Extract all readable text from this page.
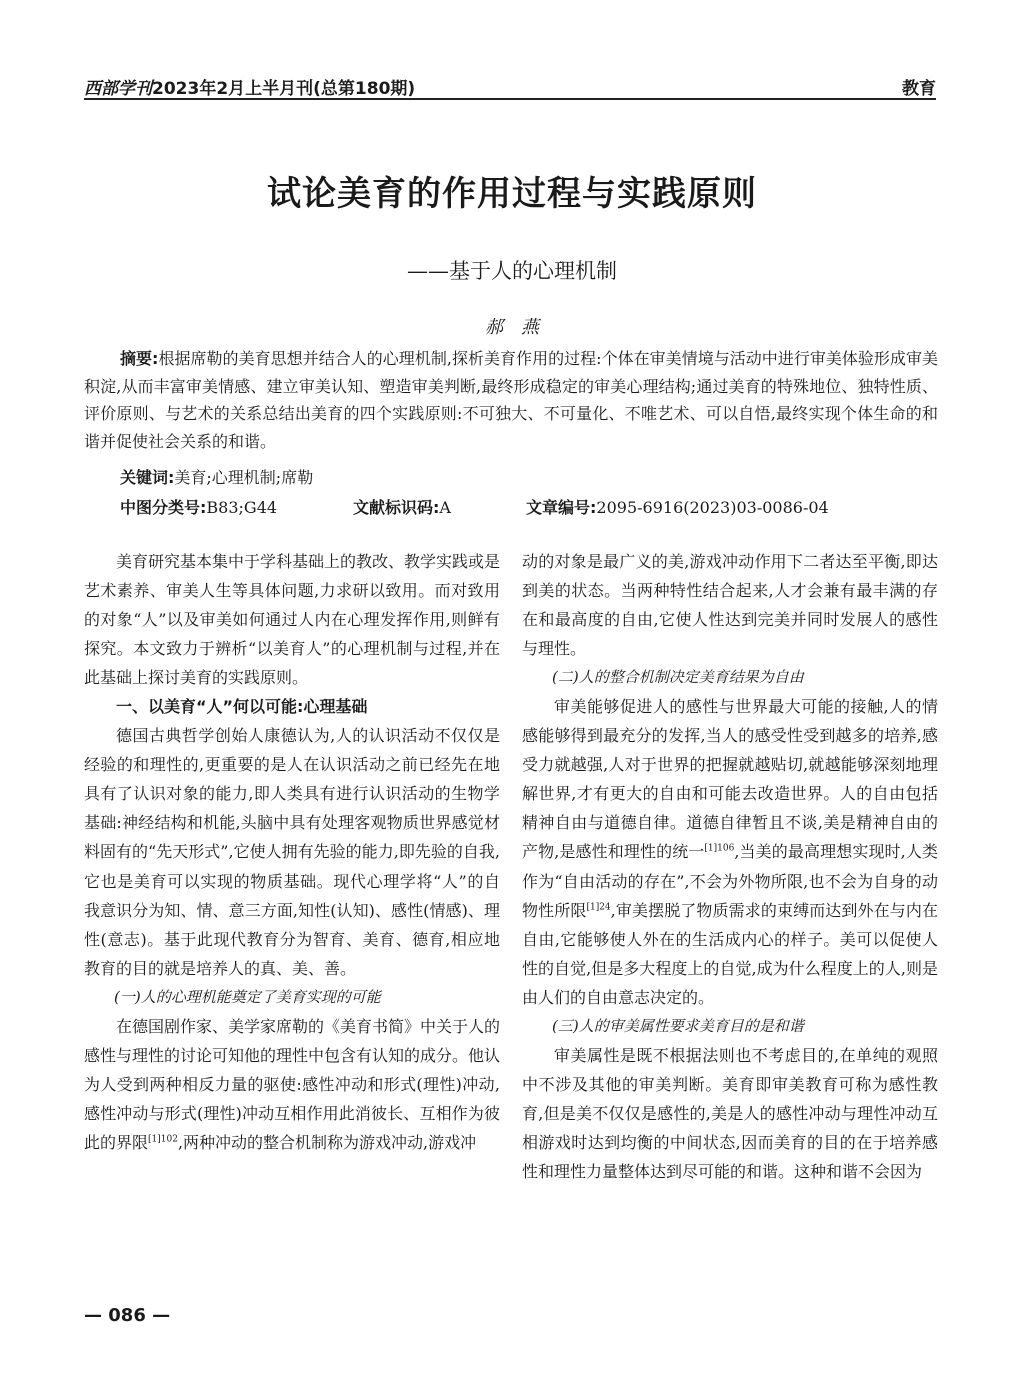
西部学刊2023年2月上半月刊(总第180期)	教育
试论美育的作用过程与实践原则
——基于人的心理机制
郝燕
摘要:根据席勒的美育思想并结合人的心理机制,探析美育作用的过程:个体在审美情境与活动中进行审美体验形成审美积淀,从而丰富审美情感、建立审美认知、塑造审美判断,最终形成稳定的审美心理结构;通过美育的特殊地位、独特性质、评价原则、与艺术的关系总结出美育的四个实践原则:不可独大、不可量化、不唯艺术、可以自悟,最终实现个体生命的和谐并促使社会关系的和谐。
关键词:美育;心理机制;席勒
中图分类号:B83;G44	文献标识码:A	文章编号:2095-6916(2023)03-0086-04

美育研究基本集中于学科基础上的教改、教学实践或是艺术素养、审美人生等具体问题,力求研以致用。而对致用的对象“人”以及审美如何通过人内在心理发挥作用,则鲜有探究。本文致力于辨析“以美育人”的心理机制与过程,并在此基础上探讨美育的实践原则。

一、以美育“人”何以可能:心理基础

德国古典哲学创始人康德认为,人的认识活动不仅仅是经验的和理性的,更重要的是人在认识活动之前已经先在地具有了认识对象的能力,即人类具有进行认识活动的生物学基础:神经结构和机能,头脑中具有处理客观物质世界感觉材料固有的“先天形式”,它使人拥有先验的能力,即先验的自我,它也是美育可以实现的物质基础。现代心理学将“人”的自我意识分为知、情、意三方面,知性(认知)、感性(情感)、理性(意志)。基于此现代教育分为智育、美育、德育,相应地教育的目的就是培养人的真、美、善。

(一)人的心理机能奠定了美育实现的可能

在德国剧作家、美学家席勒的《美育书简》中关于人的感性与理性的讨论可知他的理性中包含有认知的成分。他认为人受到两种相反力量的驱使:感性冲动和形式(理性)冲动,感性冲动与形式(理性)冲动互相作用此消彼长、互相作为彼此的界限$^{[1]102}$,两种冲动的整合机制称为游戏冲动,游戏冲

动的对象是最广义的美,游戏冲动作用下二者达至平衡,即达到美的状态。当两种特性结合起来,人才会兼有最丰满的存在和最高度的自由,它使人性达到完美并同时发展人的感性与理性。

(二)人的整合机制决定美育结果为自由

审美能够促进人的感性与世界最大可能的接触,人的情感能够得到最充分的发挥,当人的感受性受到越多的培养,感受力就越强,人对于世界的把握就越贴切,就越能够深刻地理解世界,才有更大的自由和可能去改造世界。人的自由包括精神自由与道德自律。道德自律暂且不谈,美是精神自由的产物,是感性和理性的统一$^{[1]106}$,当美的最高理想实现时,人类作为“自由活动的存在”,不会为外物所限,也不会为自身的动物性所限$^{[1]24}$,审美摆脱了物质需求的束缚而达到外在与内在自由,它能够使人外在的生活成内心的样子。美可以促使人性的自觉,但是多大程度上的自觉,成为什么程度上的人,则是由人们的自由意志决定的。

(三)人的审美属性要求美育目的是和谐

审美属性是既不根据法则也不考虑目的,在单纯的观照中不涉及其他的审美判断。美育即审美教育可称为感性教育,但是美不仅仅是感性的,美是人的感性冲动与理性冲动互相游戏时达到均衡的中间状态,因而美育的目的在于培养感性和理性力量整体达到尽可能的和谐。这种和谐不会因为

— 086 —
